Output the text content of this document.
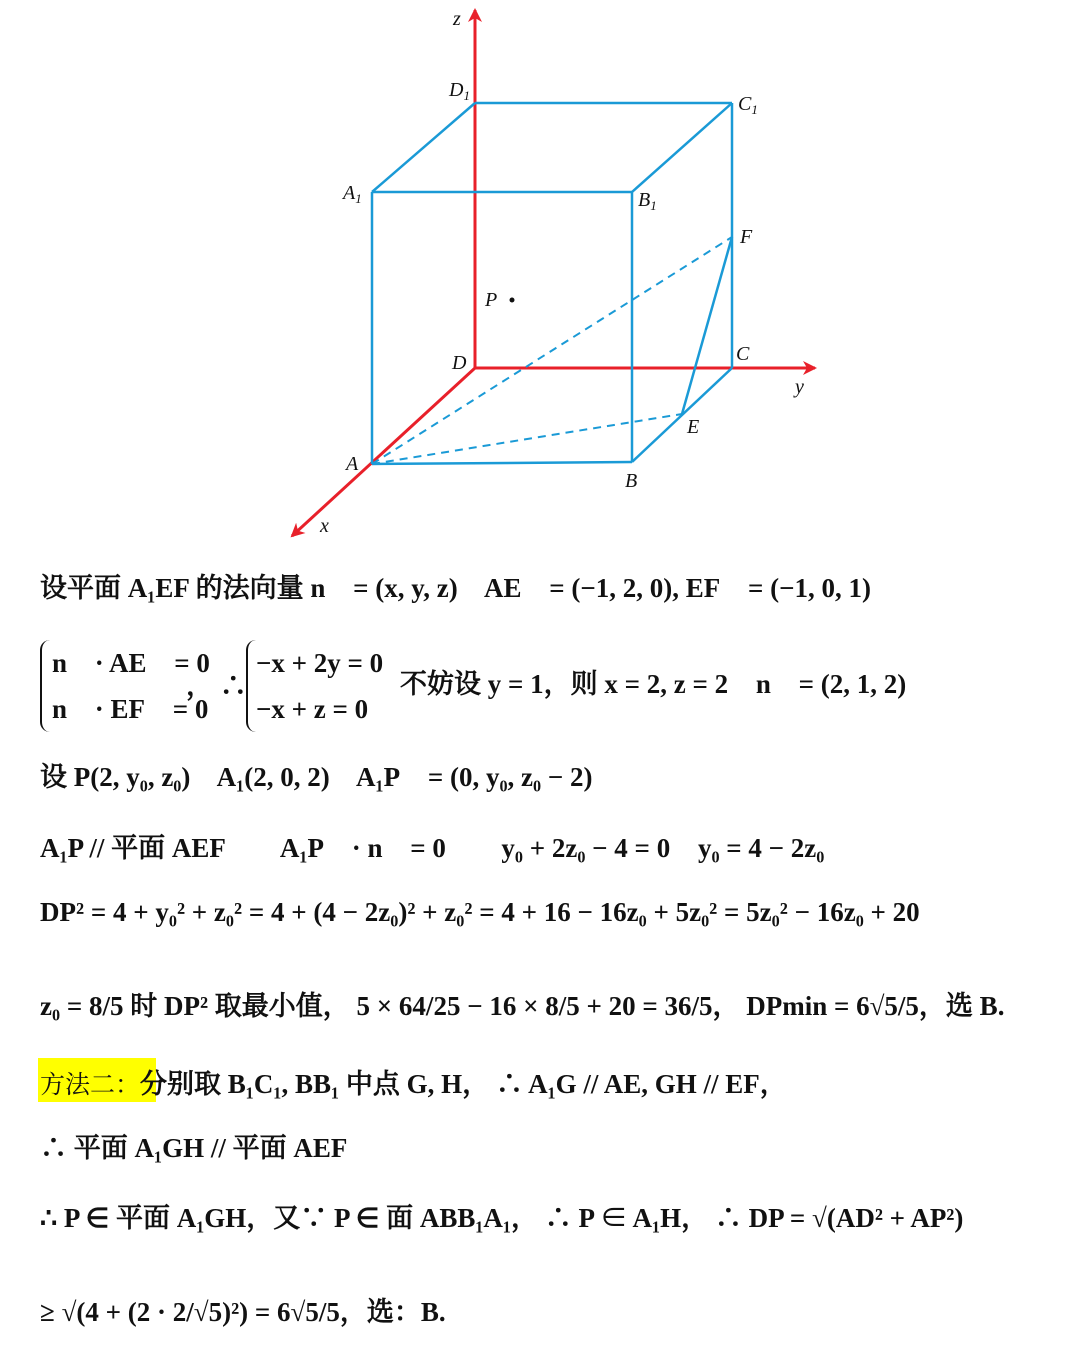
z
y
x
$D_1$	$C_1$
$A_1$	$B_1$
F
P
D	C
E
A
B
设平面 A₁EF 的法向量 n⃗ = (x, y, z)， AE⃗ = (−1, 2, 0), EF⃗ = (−1, 0, 1)
n⃗ · AE⃗ = 0
n⃗ · EF⃗ = 0
， ∴
−x + 2y = 0
−x + z = 0
不妨设 y = 1，则 x = 2, z = 2， n⃗ = (2, 1, 2)
设 P(2, y₀, z₀)， A₁(2, 0, 2)， A₁P⃗ = (0, y₀, z₀ − 2)
A₁P // 平面 AEF， ∴ A₁P⃗ · n⃗ = 0， ∴ y₀ + 2z₀ − 4 = 0， y₀ = 4 − 2z₀
DP² = 4 + y₀² + z₀² = 4 + (4 − 2z₀)² + z₀² = 4 + 16 − 16z₀ + 5z₀² = 5z₀² − 16z₀ + 20
z₀ = 8/5 时 DP² 取最小值， 5 × 64/25 − 16 × 8/5 + 20 = 36/5， DPmin = 6√5/5，选 B.
方法二：分别取 B₁C₁, BB₁ 中点 G, H， ∴ A₁G // AE, GH // EF，
∴ 平面 A₁GH // 平面 AEF
∴ P ∈ 平面 A₁GH，又∵ P ∈ 面 ABB₁A₁， ∴ P ∈ A₁H， ∴ DP = √(AD² + AP²)
≥ √(4 + (2 · 2/√5)²) = 6√5/5，选：B.
